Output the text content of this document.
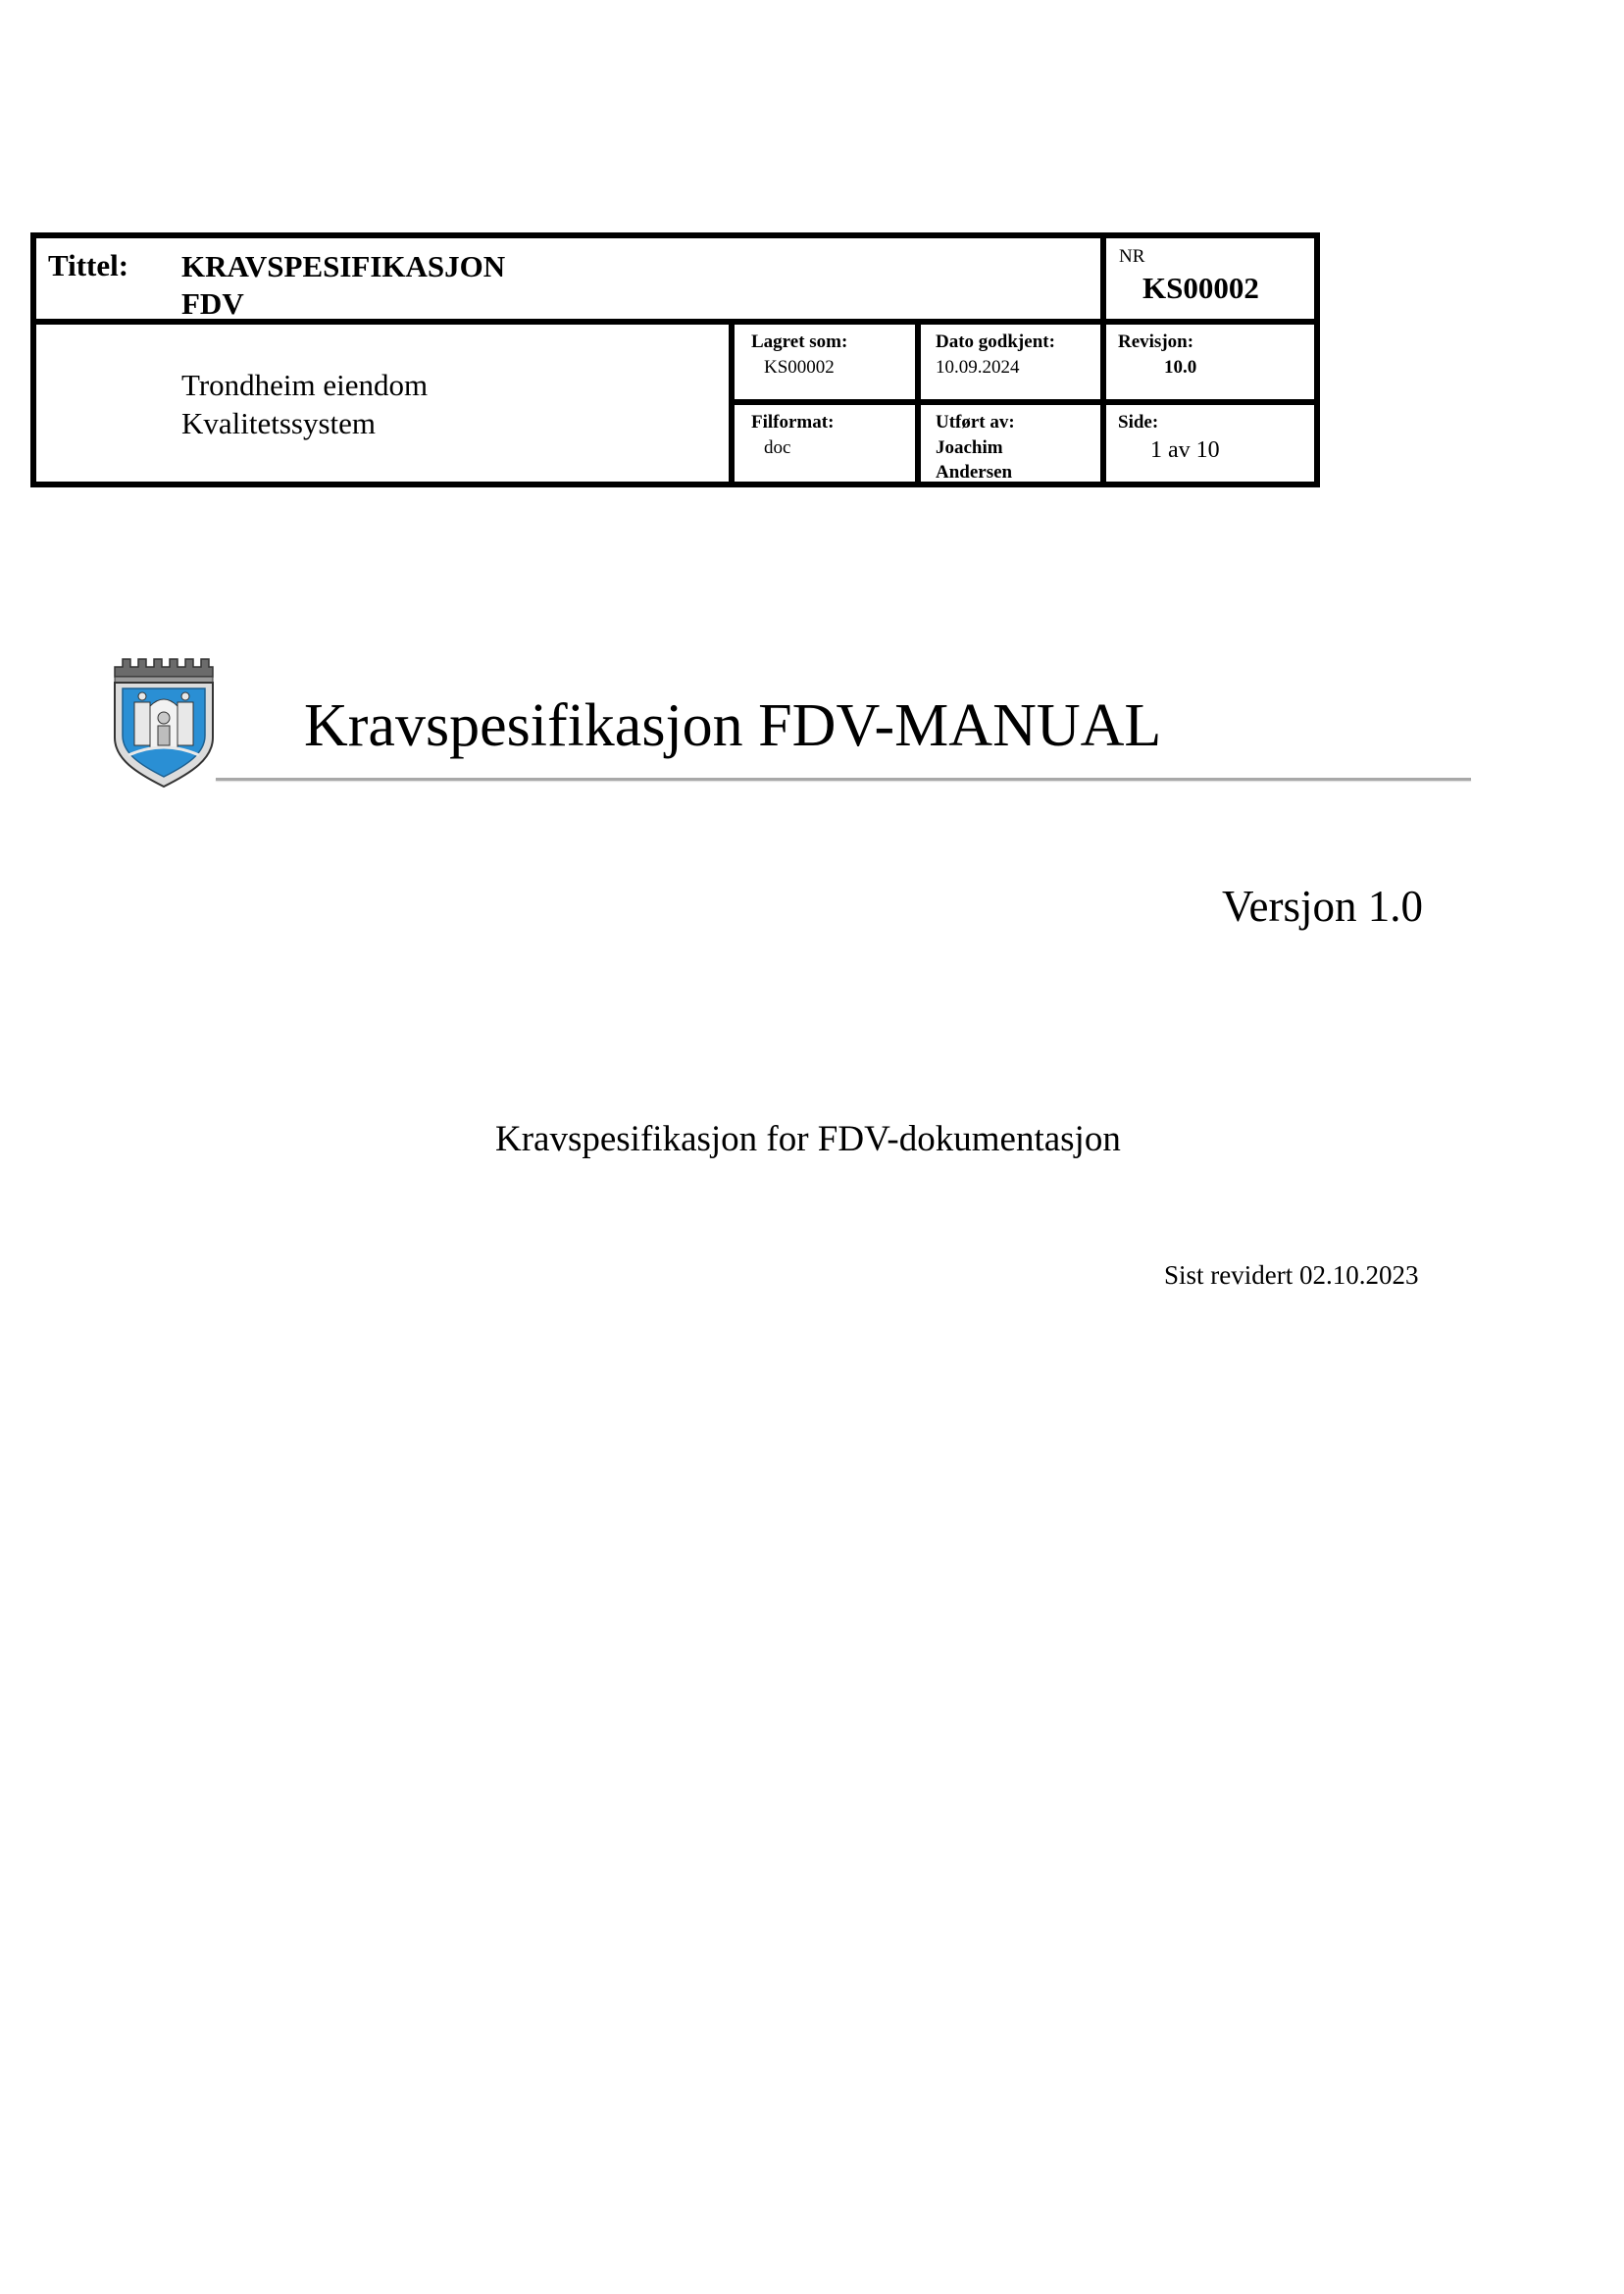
Tittel: KRAVSPESIFIKASJON
FDV
NR
KS00002
Trondheim eiendom
Kvalitetssystem
Lagret som:
KS00002
Dato godkjent:
10.09.2024
Revisjon:
10.0
Filformat:
doc
Utført av:
Joachim
Andersen
Side:
1 av 10
Kravspesifikasjon FDV-MANUAL
Versjon 1.0
Kravspesifikasjon for FDV-dokumentasjon
Sist revidert 02.10.2023
